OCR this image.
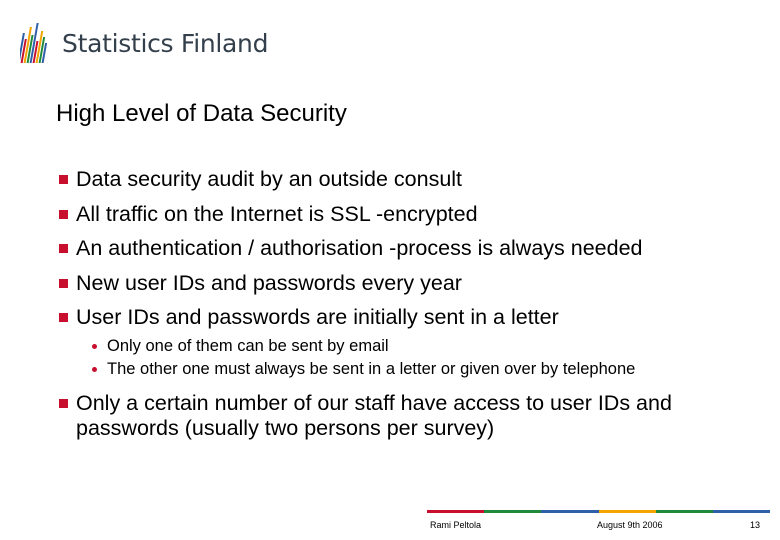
Statistics Finland
High Level of Data Security
Data security audit by an outside consult
All traffic on the Internet is SSL -encrypted
An authentication / authorisation -process is always needed
New user IDs and passwords every year
User IDs and passwords are initially sent in a letter
Only one of them can be sent by email
The other one must always be sent in a letter or given over by telephone
Only a certain number of our staff have access to user IDs and passwords (usually two persons per survey)
Rami Peltola	August 9th 2006	13
